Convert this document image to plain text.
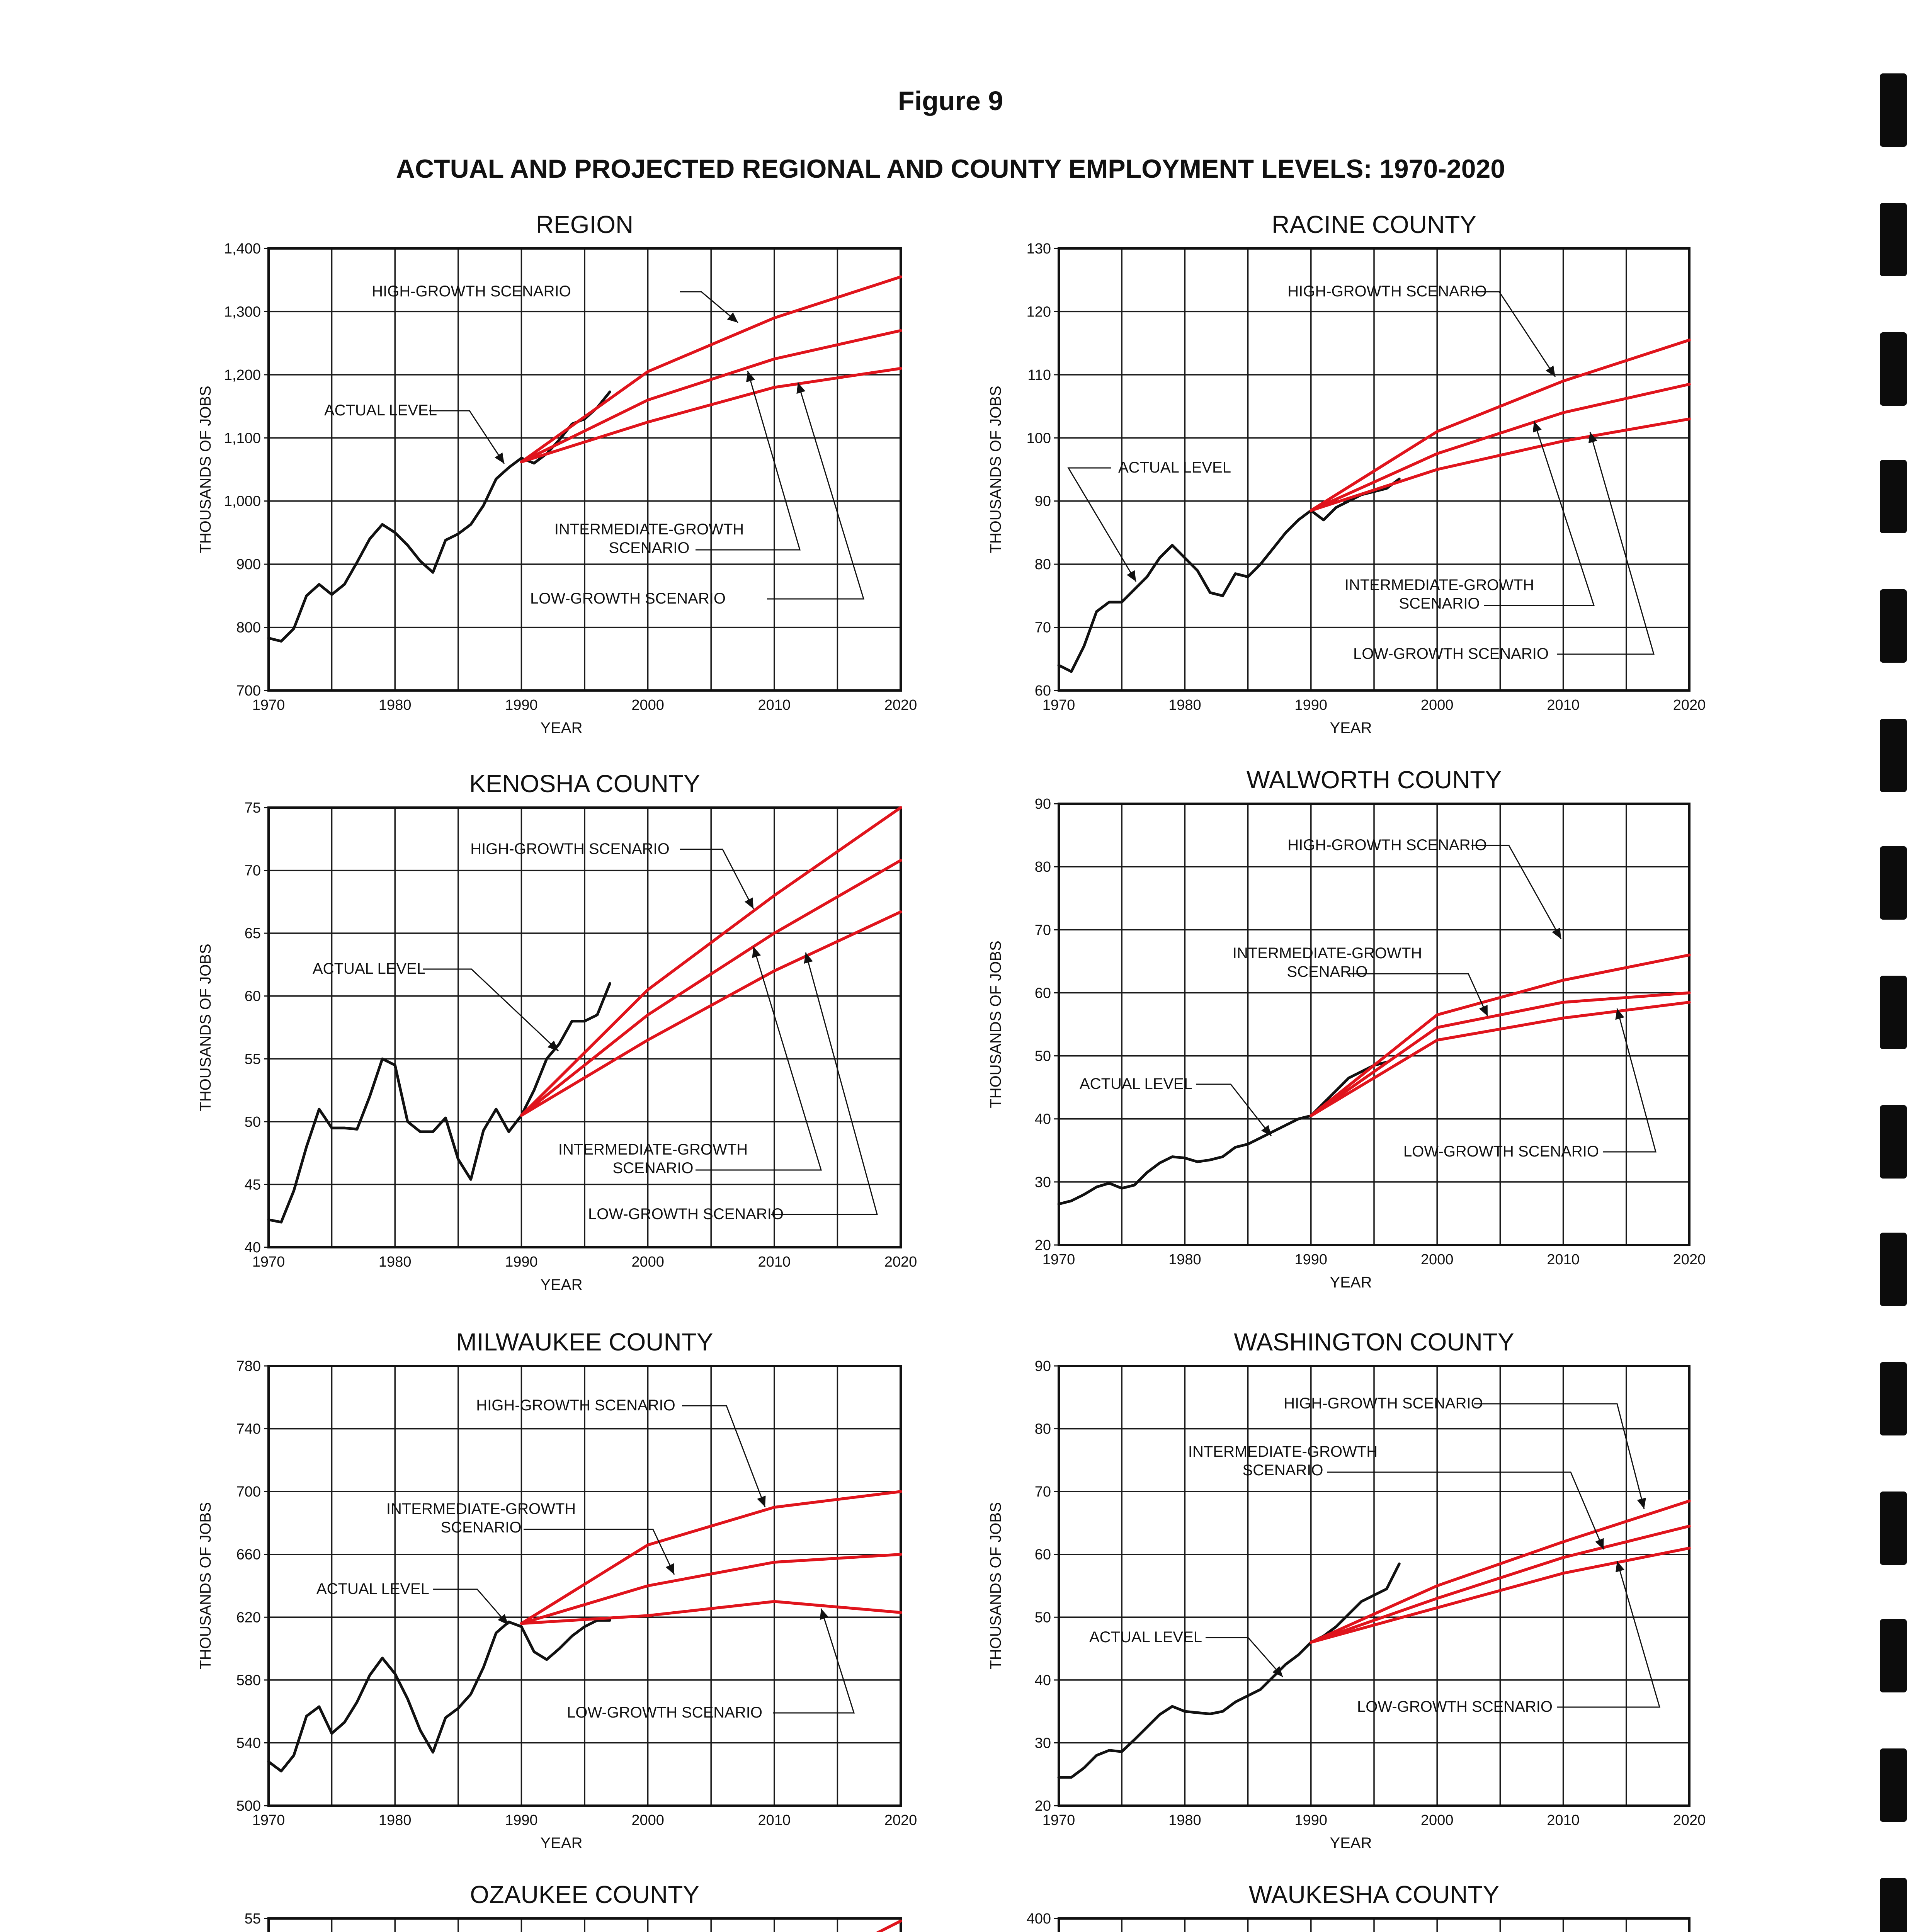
Figure 9
ACTUAL AND PROJECTED REGIONAL AND COUNTY EMPLOYMENT LEVELS: 1970-2020
REGION
700
800
900
1,000
1,100
1,200
1,300
1,400
1970	1980	1990	2000	2010	2020
YEAR
THOUSANDS OF JOBS
HIGH-GROWTH SCENARIO
ACTUAL LEVEL
INTERMEDIATE-GROWTH
SCENARIO
LOW-GROWTH SCENARIO
RACINE COUNTY
60
70
80
90
100
110
120
130
1970	1980	1990	2000	2010	2020
YEAR
THOUSANDS OF JOBS
HIGH-GROWTH SCENARIO
ACTUAL LEVEL
INTERMEDIATE-GROWTH
SCENARIO
LOW-GROWTH SCENARIO
KENOSHA COUNTY
40
45
50
55
60
65
70
75
1970	1980	1990	2000	2010	2020
YEAR
THOUSANDS OF JOBS
HIGH-GROWTH SCENARIO
ACTUAL LEVEL
INTERMEDIATE-GROWTH
SCENARIO
LOW-GROWTH SCENARIO
WALWORTH COUNTY
20
30
40
50
60
70
80
90
1970	1980	1990	2000	2010	2020
YEAR
THOUSANDS OF JOBS
HIGH-GROWTH SCENARIO
INTERMEDIATE-GROWTH
SCENARIO
ACTUAL LEVEL
LOW-GROWTH SCENARIO
MILWAUKEE COUNTY
500
540
580
620
660
700
740
780
1970	1980	1990	2000	2010	2020
YEAR
THOUSANDS OF JOBS
HIGH-GROWTH SCENARIO
INTERMEDIATE-GROWTH
SCENARIO
ACTUAL LEVEL
LOW-GROWTH SCENARIO
WASHINGTON COUNTY
20
30
40
50
60
70
80
90
1970	1980	1990	2000	2010	2020
YEAR
THOUSANDS OF JOBS
HIGH-GROWTH SCENARIO
INTERMEDIATE-GROWTH
SCENARIO
ACTUAL LEVEL
LOW-GROWTH SCENARIO
OZAUKEE COUNTY
55
WAUKESHA COUNTY
400
